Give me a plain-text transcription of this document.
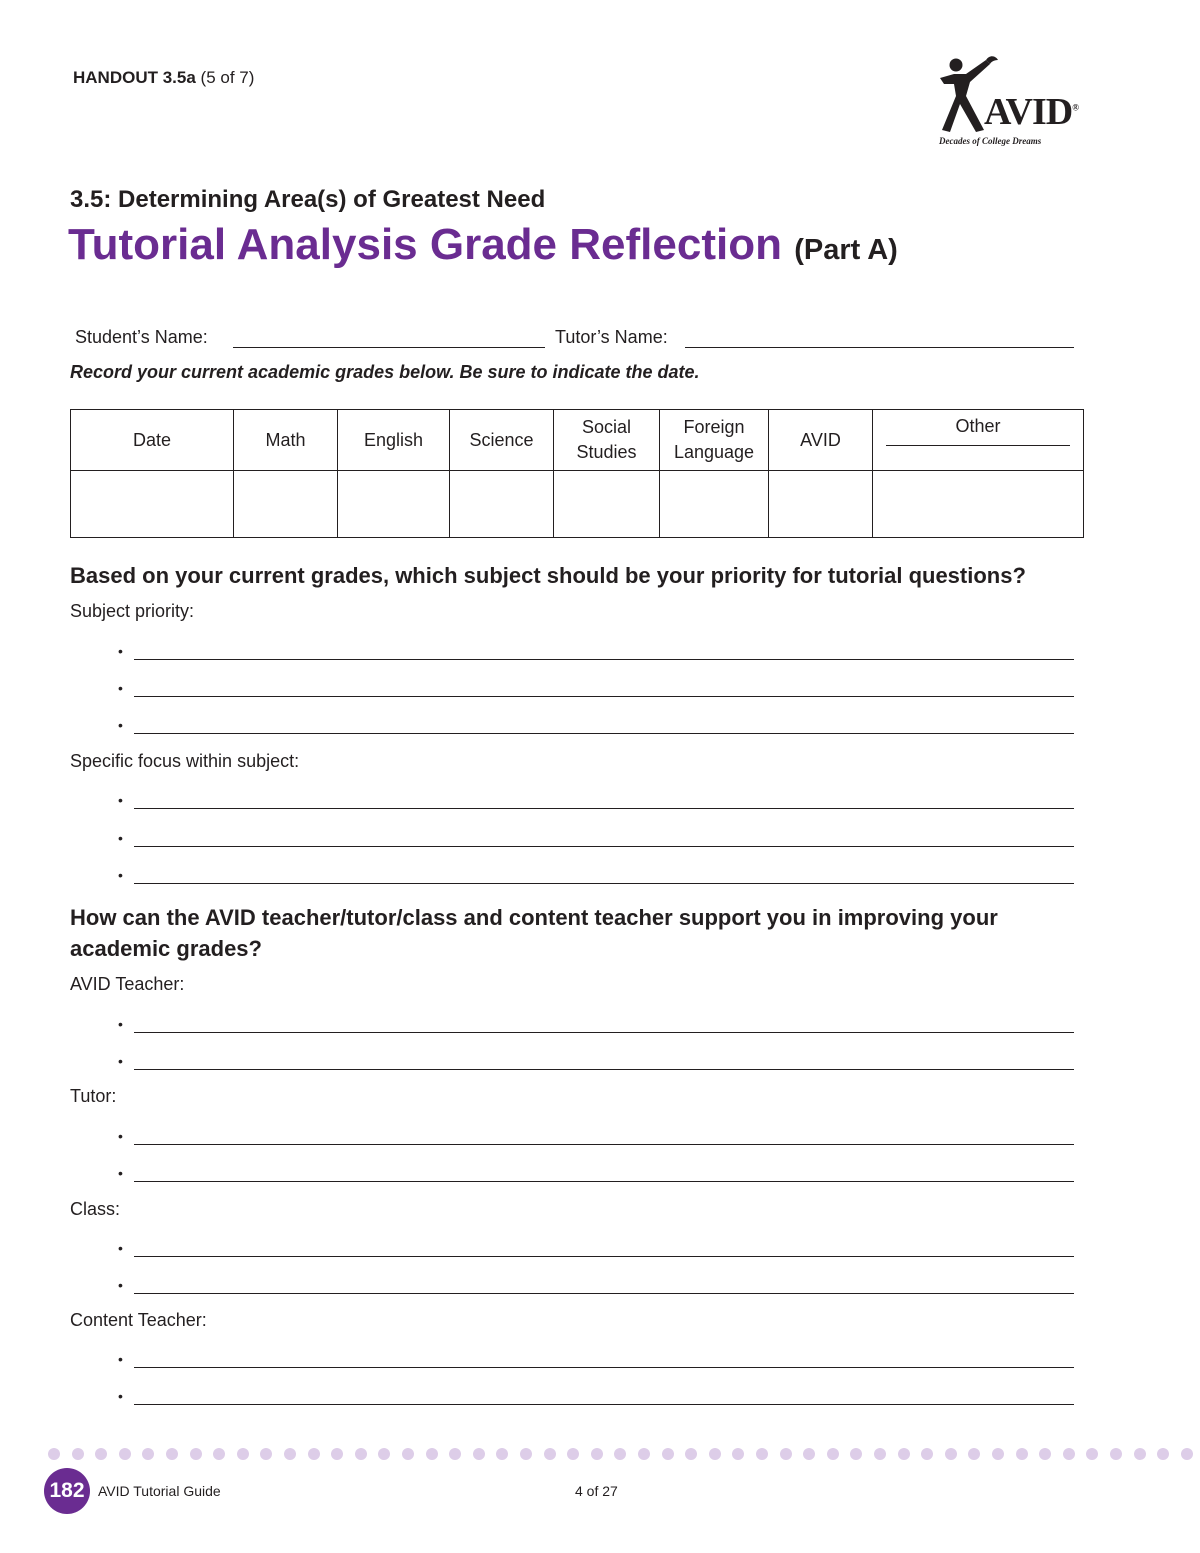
HANDOUT 3.5a (5 of 7)
AVID®
Decades of College Dreams
3.5: Determining Area(s) of Greatest Need
Tutorial Analysis Grade Reflection (Part A)
Student’s Name:	Tutor’s Name:
Record your current academic grades below. Be sure to indicate the date.
Date	Math	English	Science	Social Studies	Foreign Language	AVID	Other

Based on your current grades, which subject should be your priority for tutorial questions?
Subject priority:
•
•
•
Specific focus within subject:
•
•
•
How can the AVID teacher/tutor/class and content teacher support you in improving your academic grades?
AVID Teacher:
•
•
Tutor:
•
•
Class:
•
•
Content Teacher:
•
•
182 AVID Tutorial Guide	4 of 27
